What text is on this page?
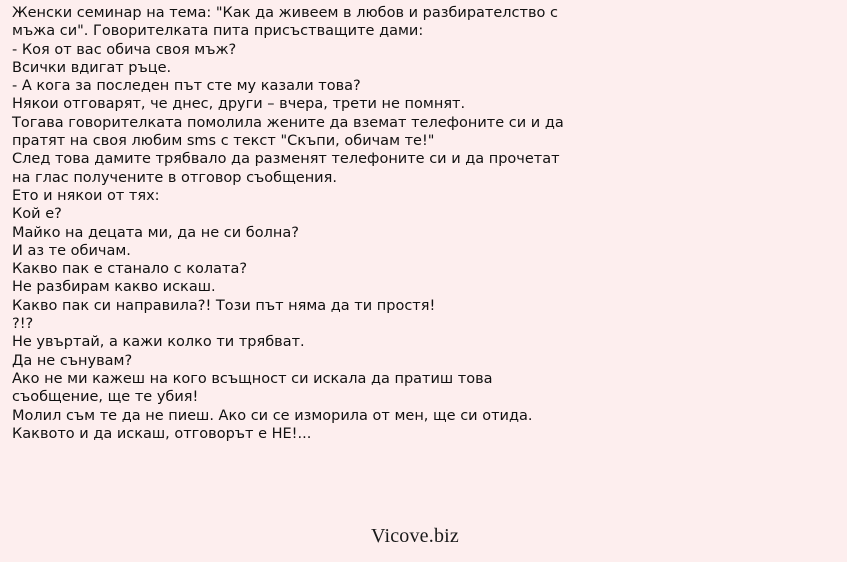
Женски семинар на тема: "Как да живеем в любов и разбирателство с
мъжа си". Говорителката пита присъстващите дами:
- Коя от вас обича своя мъж?
Всички вдигат ръце.
- А кога за последен път сте му казали това?
Някои отговарят, че днес, други – вчера, трети не помнят.
Тогава говорителката помолила жените да вземат телефоните си и да
пратят на своя любим sms с текст "Скъпи, обичам те!"
След това дамите трябвало да разменят телефоните си и да прочетат
на глас получените в отговор съобщения.
Ето и някои от тях:
Кой е?
Майко на децата ми, да не си болна?
И аз те обичам.
Какво пак е станало с колата?
Не разбирам какво искаш.
Какво пак си направила?! Този път няма да ти простя!
?!?
Не увъртай, а кажи колко ти трябват.
Да не сънувам?
Ако не ми кажеш на кого всъщност си искала да пратиш това
съобщение, ще те убия!
Молил съм те да не пиеш. Ако си се изморила от мен, ще си отида.
Каквото и да искаш, отговорът е НЕ!...
Vicove.biz
